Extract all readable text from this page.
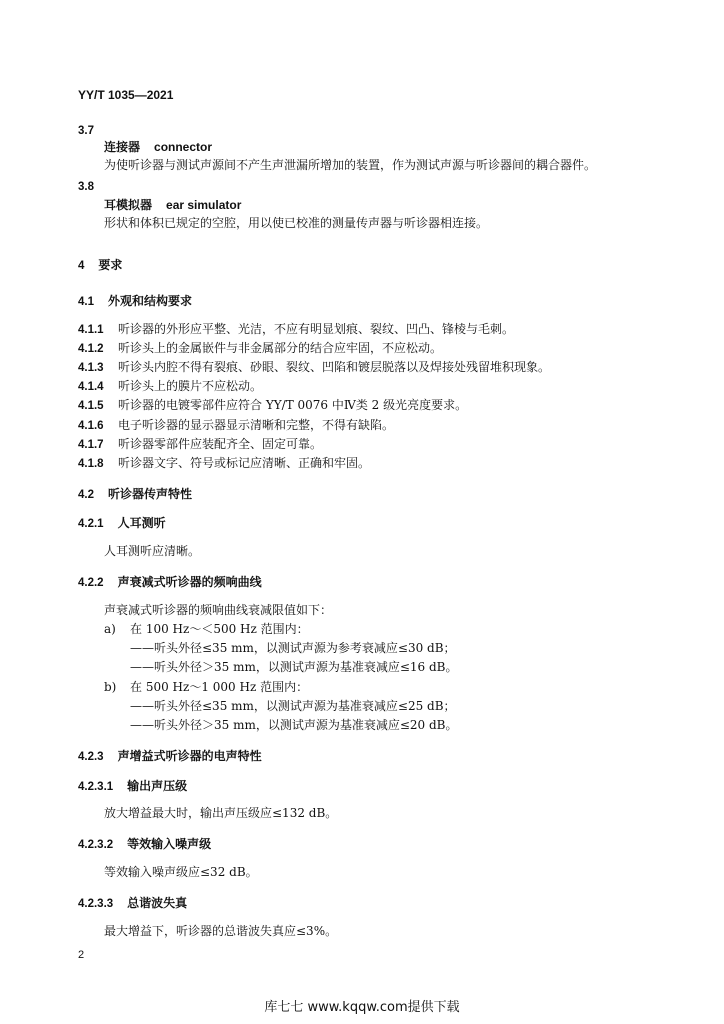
YY/T 1035—2021
3.7
连接器 connector
为使听诊器与测试声源间不产生声泄漏所增加的装置，作为测试声源与听诊器间的耦合器件。
3.8
耳模拟器 ear simulator
形状和体积已规定的空腔，用以使已校准的测量传声器与听诊器相连接。
4 要求
4.1 外观和结构要求
4.1.1 听诊器的外形应平整、光洁，不应有明显划痕、裂纹、凹凸、锋棱与毛刺。
4.1.2 听诊头上的金属嵌件与非金属部分的结合应牢固，不应松动。
4.1.3 听诊头内腔不得有裂痕、砂眼、裂纹、凹陷和镀层脱落以及焊接处残留堆积现象。
4.1.4 听诊头上的膜片不应松动。
4.1.5 听诊器的电镀零部件应符合 YY/T 0076 中Ⅳ类 2 级光亮度要求。
4.1.6 电子听诊器的显示器显示清晰和完整，不得有缺陷。
4.1.7 听诊器零部件应装配齐全、固定可靠。
4.1.8 听诊器文字、符号或标记应清晰、正确和牢固。
4.2 听诊器传声特性
4.2.1 人耳测听
人耳测听应清晰。
4.2.2 声衰减式听诊器的频响曲线
声衰减式听诊器的频响曲线衰减限值如下：
a) 在 100 Hz～＜500 Hz 范围内：
——听头外径≤35 mm，以测试声源为参考衰减应≤30 dB；
——听头外径＞35 mm，以测试声源为基准衰减应≤16 dB。
b) 在 500 Hz～1 000 Hz 范围内：
——听头外径≤35 mm，以测试声源为基准衰减应≤25 dB；
——听头外径＞35 mm，以测试声源为基准衰减应≤20 dB。
4.2.3 声增益式听诊器的电声特性
4.2.3.1 输出声压级
放大增益最大时，输出声压级应≤132 dB。
4.2.3.2 等效输入噪声级
等效输入噪声级应≤32 dB。
4.2.3.3 总谐波失真
最大增益下，听诊器的总谐波失真应≤3%。
2
库七七 www.kqqw.com提供下载
